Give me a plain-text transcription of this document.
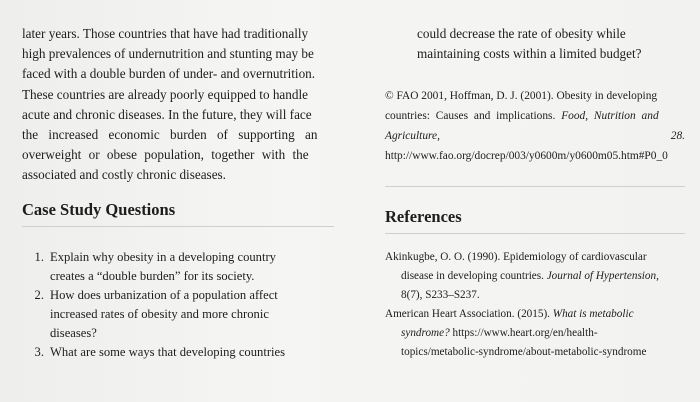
later years. Those countries that have had traditionally
high prevalences of undernutrition and stunting may be
faced with a double burden of under- and overnutrition.
These countries are already poorly equipped to handle
acute and chronic diseases. In the future, they will face
the increased economic burden of supporting an
overweight or obese population, together with the
associated and costly chronic diseases.

Case Study Questions
1. Explain why obesity in a developing country
creates a “double burden” for its society.
2. How does urbanization of a population affect
increased rates of obesity and more chronic
diseases?
3. What are some ways that developing countries

could decrease the rate of obesity while
maintaining costs within a limited budget?

© FAO 2001, Hoffman, D. J. (2001). Obesity in developing
countries: Causes and implications. Food, Nutrition and
Agriculture,	28.
http://www.fao.org/docrep/003/y0600m/y0600m05.htm#P0_0
References
Akinkugbe, O. O. (1990). Epidemiology of cardiovascular
disease in developing countries. Journal of Hypertension,
8(7), S233–S237.
American Heart Association. (2015). What is metabolic
syndrome? https://www.heart.org/en/health-
topics/metabolic-syndrome/about-metabolic-syndrome
